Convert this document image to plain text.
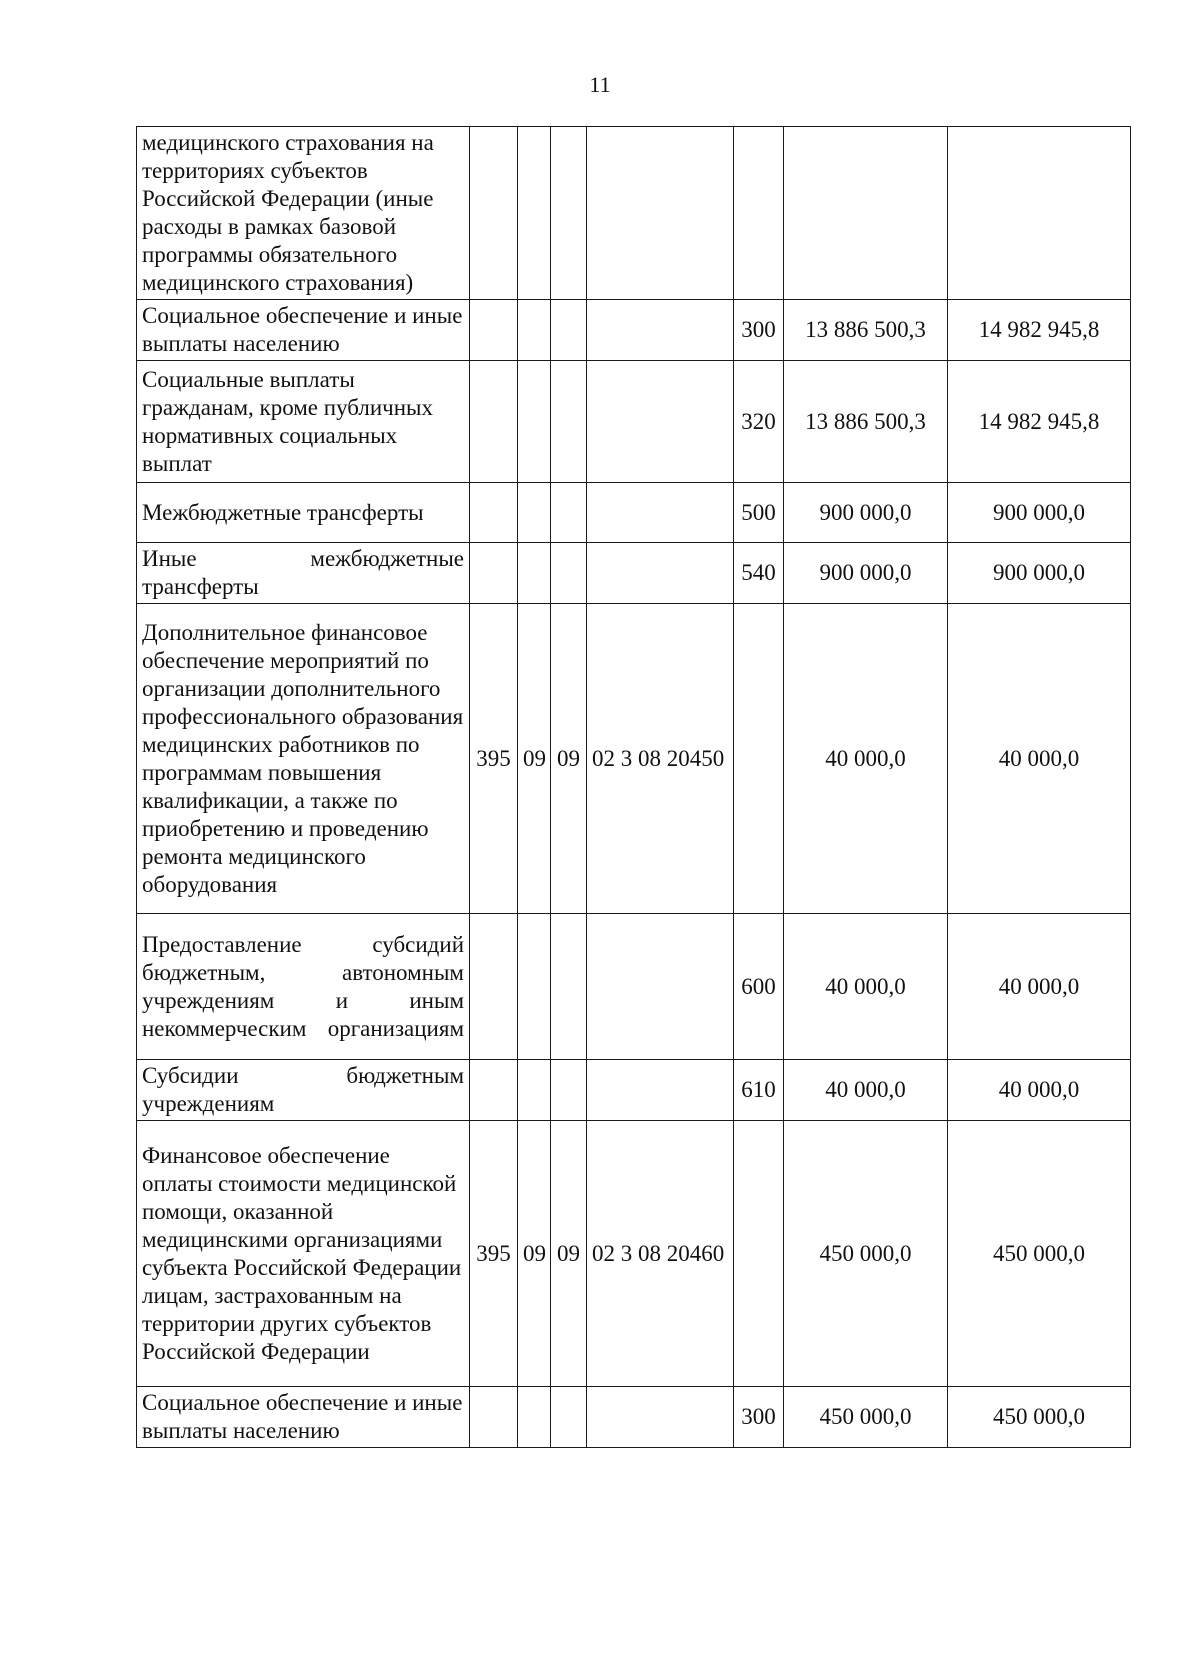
11
медицинского страхования на территориях субъектов Российской Федерации (иные расходы в рамках базовой программы обязательного медицинского страхования)							
Социальное обеспечение и иные выплаты населению					300	13 886 500,3	14 982 945,8
Социальные выплаты гражданам, кроме публичных нормативных социальных выплат					320	13 886 500,3	14 982 945,8
Межбюджетные трансферты					500	900 000,0	900 000,0
Иные межбюджетные трансферты					540	900 000,0	900 000,0
Дополнительное финансовое обеспечение мероприятий по организации дополнительного профессионального образования медицинских работников по программам повышения квалификации, а также по приобретению и проведению ремонта медицинского оборудования	395	09	09	02 3 08 20450		40 000,0	40 000,0
Предоставление субсидий бюджетным, автономным учреждениям и иным некоммерческим организациям					600	40 000,0	40 000,0
Субсидии бюджетным учреждениям					610	40 000,0	40 000,0
Финансовое обеспечение оплаты стоимости медицинской помощи, оказанной медицинскими организациями субъекта Российской Федерации лицам, застрахованным на территории других субъектов Российской Федерации	395	09	09	02 3 08 20460		450 000,0	450 000,0
Социальное обеспечение и иные выплаты населению					300	450 000,0	450 000,0
